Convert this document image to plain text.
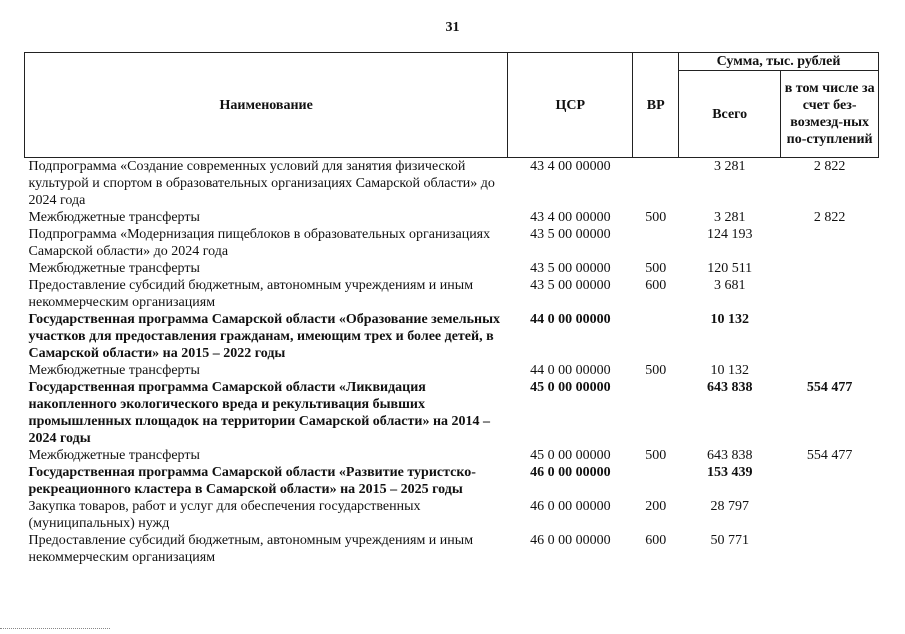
31
Наименование	ЦСР	ВР	Сумма, тыс. рублей	
			Всего	в том числе за счет без-возмезд-ных по-ступлений
Подпрограмма «Создание современных условий для занятия физической культурой и спортом в образовательных организациях Самарской области» до 2024 года	43 4 00 00000		3 281	2 822
Межбюджетные трансферты	43 4 00 00000	500	3 281	2 822
Подпрограмма «Модернизация пищеблоков в образовательных организациях Самарской области» до 2024 года	43 5 00 00000		124 193	
Межбюджетные трансферты	43 5 00 00000	500	120 511	
Предоставление субсидий бюджетным, автономным учреждениям и иным некоммерческим организациям	43 5 00 00000	600	3 681	
Государственная программа Самарской области «Образование земельных участков для предоставления гражданам, имеющим трех и более детей, в Самарской области» на 2015 – 2022 годы	44 0 00 00000		10 132	
Межбюджетные трансферты	44 0 00 00000	500	10 132	
Государственная программа Самарской области «Ликвидация накопленного экологического вреда и рекультивация бывших промышленных площадок на территории Самарской области» на 2014 – 2024 годы	45 0 00 00000		643 838	554 477
Межбюджетные трансферты	45 0 00 00000	500	643 838	554 477
Государственная программа Самарской области «Развитие туристско-рекреационного кластера в Самарской области» на 2015 – 2025 годы	46 0 00 00000		153 439	
Закупка товаров, работ и услуг для обеспечения государственных (муниципальных) нужд	46 0 00 00000	200	28 797	
Предоставление субсидий бюджетным, автономным учреждениям и иным некоммерческим организациям	46 0 00 00000	600	50 771	
